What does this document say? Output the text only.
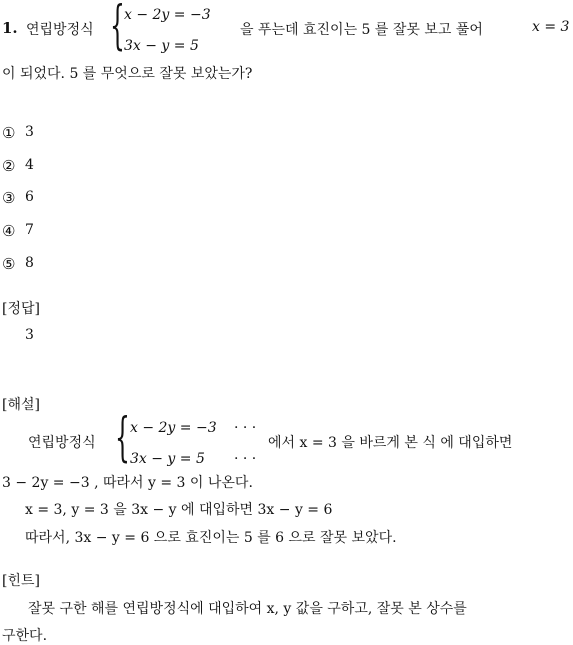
1. 연립방정식 { x − 2y = −3
3x − y = 5
을 푸는데 효진이는 5 를 잘못 보고 풀어	x = 3
이 되었다. 5 를 무엇으로 잘못 보았는가?
① 3
② 4
③ 6
④ 7
⑤ 8
[정답]
3
[해설]
연립방정식 { x − 2y = −3 · · ·
3x − y = 5 · · ·
에서 x = 3 을 바르게 본 식 에 대입하면
3 − 2y = −3 , 따라서 y = 3 이 나온다.
x = 3, y = 3 을 3x − y 에 대입하면 3x − y = 6
따라서, 3x − y = 6 으로 효진이는 5 를 6 으로 잘못 보았다.
[힌트]
잘못 구한 해를 연립방정식에 대입하여 x, y 값을 구하고, 잘못 본 상수를
구한다.
